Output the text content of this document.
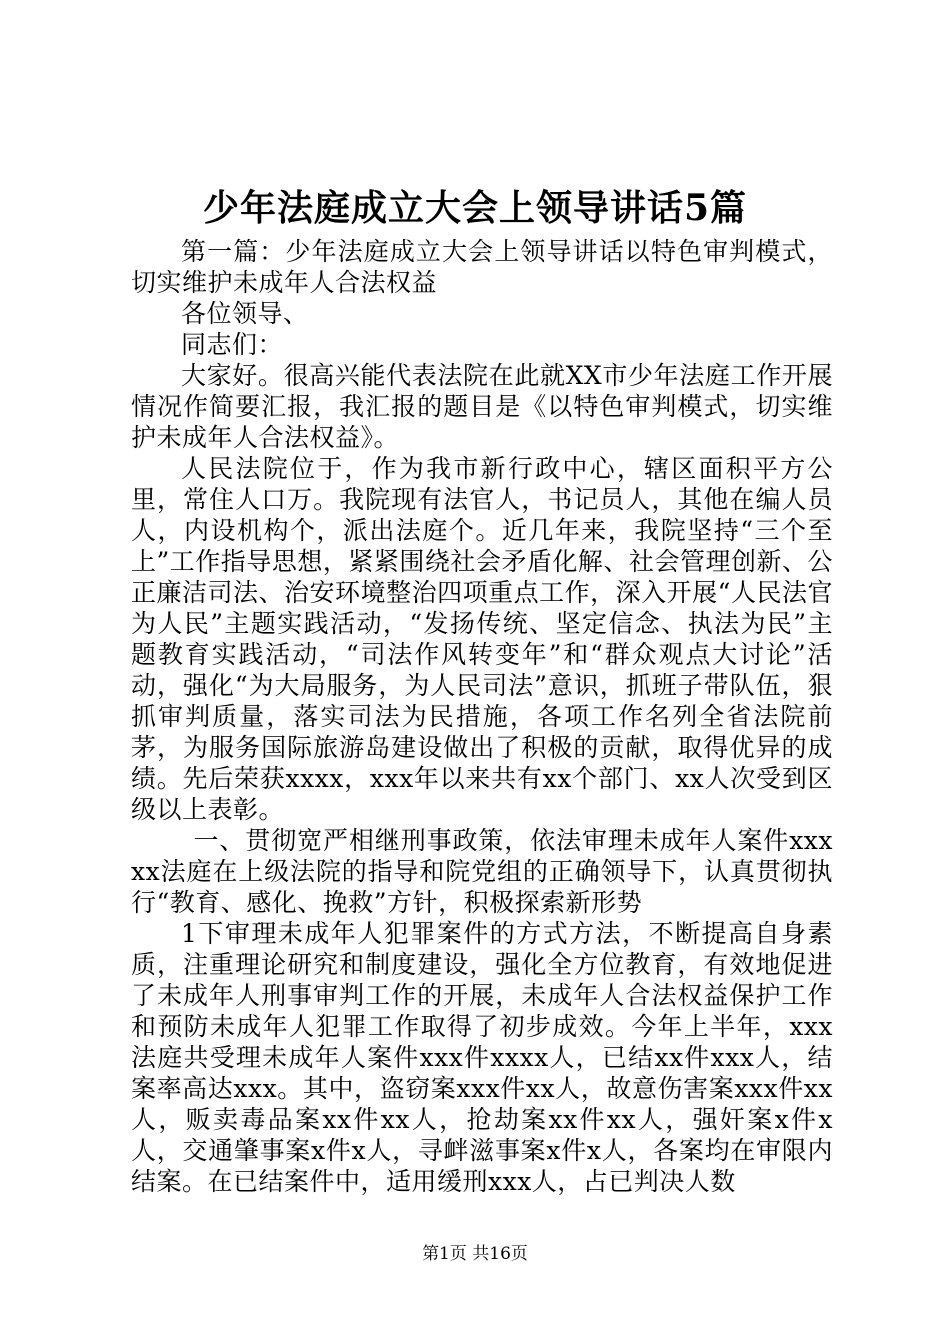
少年法庭成立大会上领导讲话5篇

第一篇：少年法庭成立大会上领导讲话以特色审判模式，切实维护未成年人合法权益

各位领导、

同志们：

大家好。很高兴能代表法院在此就XX市少年法庭工作开展情况作简要汇报，我汇报的题目是《以特色审判模式，切实维护未成年人合法权益》。

人民法院位于，作为我市新行政中心，辖区面积平方公里，常住人口万。我院现有法官人，书记员人，其他在编人员人，内设机构个，派出法庭个。近几年来，我院坚持“三个至上”工作指导思想，紧紧围绕社会矛盾化解、社会管理创新、公正廉洁司法、治安环境整治四项重点工作，深入开展“人民法官为人民”主题实践活动，“发扬传统、坚定信念、执法为民”主题教育实践活动，“司法作风转变年”和“群众观点大讨论”活动，强化“为大局服务，为人民司法”意识，抓班子带队伍，狠抓审判质量，落实司法为民措施，各项工作名列全省法院前茅，为服务国际旅游岛建设做出了积极的贡献，取得优异的成绩。先后荣获xxxx，xxx年以来共有xx个部门、xx人次受到区级以上表彰。

一、贯彻宽严相继刑事政策，依法审理未成年人案件xxxxx法庭在上级法院的指导和院党组的正确领导下，认真贯彻执行“教育、感化、挽救”方针，积极探索新形势

1下审理未成年人犯罪案件的方式方法，不断提高自身素质，注重理论研究和制度建设，强化全方位教育，有效地促进了未成年人刑事审判工作的开展，未成年人合法权益保护工作和预防未成年人犯罪工作取得了初步成效。今年上半年，xxx法庭共受理未成年人案件xxx件xxxx人，已结xx件xxx人，结案率高达xxx。其中，盗窃案xxx件xx人，故意伤害案xxx件xx人，贩卖毒品案xx件xx人，抢劫案xx件xx人，强奸案x件x人，交通肇事案x件x人，寻衅滋事案x件x人，各案均在审限内结案。在已结案件中，适用缓刑xxx人，占已判决人数

第1页 共16页
